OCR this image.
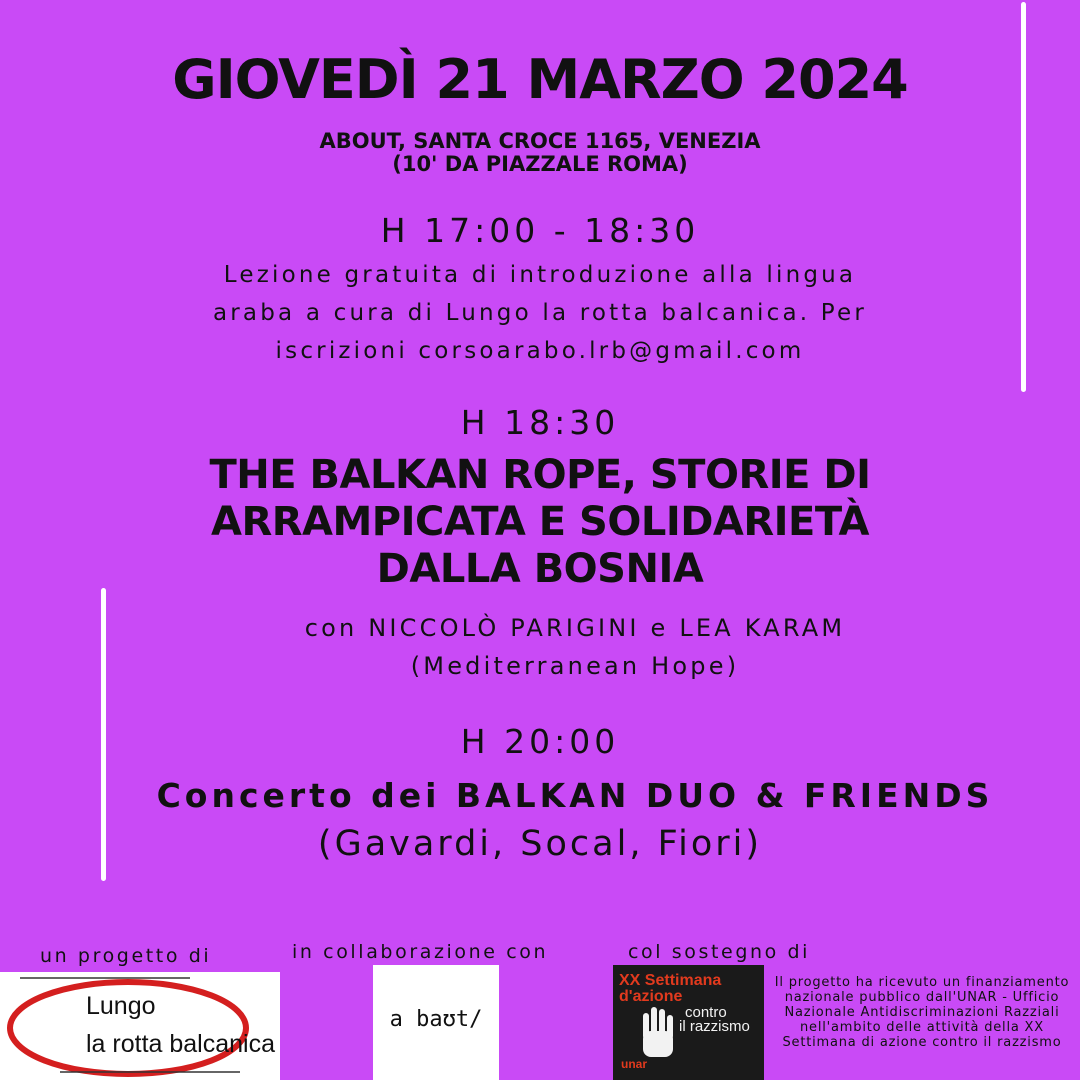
GIOVEDÌ 21 MARZO 2024
ABOUT, SANTA CROCE 1165, VENEZIA
(10' DA PIAZZALE ROMA)
H 17:00 - 18:30
Lezione gratuita di introduzione alla lingua
araba a cura di Lungo la rotta balcanica. Per
iscrizioni corsoarabo.lrb@gmail.com
H 18:30
THE BALKAN ROPE, STORIE DI
ARRAMPICATA E SOLIDARIETÀ
DALLA BOSNIA
con NICCOLÒ PARIGINI e LEA KARAM
(Mediterranean Hope)
H 20:00
Concerto dei BALKAN DUO & FRIENDS
(Gavardi, Socal, Fiori)
un progetto di	in collaborazione con	col sostegno di
Lungo
la rotta balcanica
a baʊt/
XX Settimana
d'azione
contro
il razzismo
unar
Il progetto ha ricevuto un finanziamento nazionale pubblico dall'UNAR - Ufficio Nazionale Antidiscriminazioni Razziali nell'ambito delle attività della XX Settimana di azione contro il razzismo
